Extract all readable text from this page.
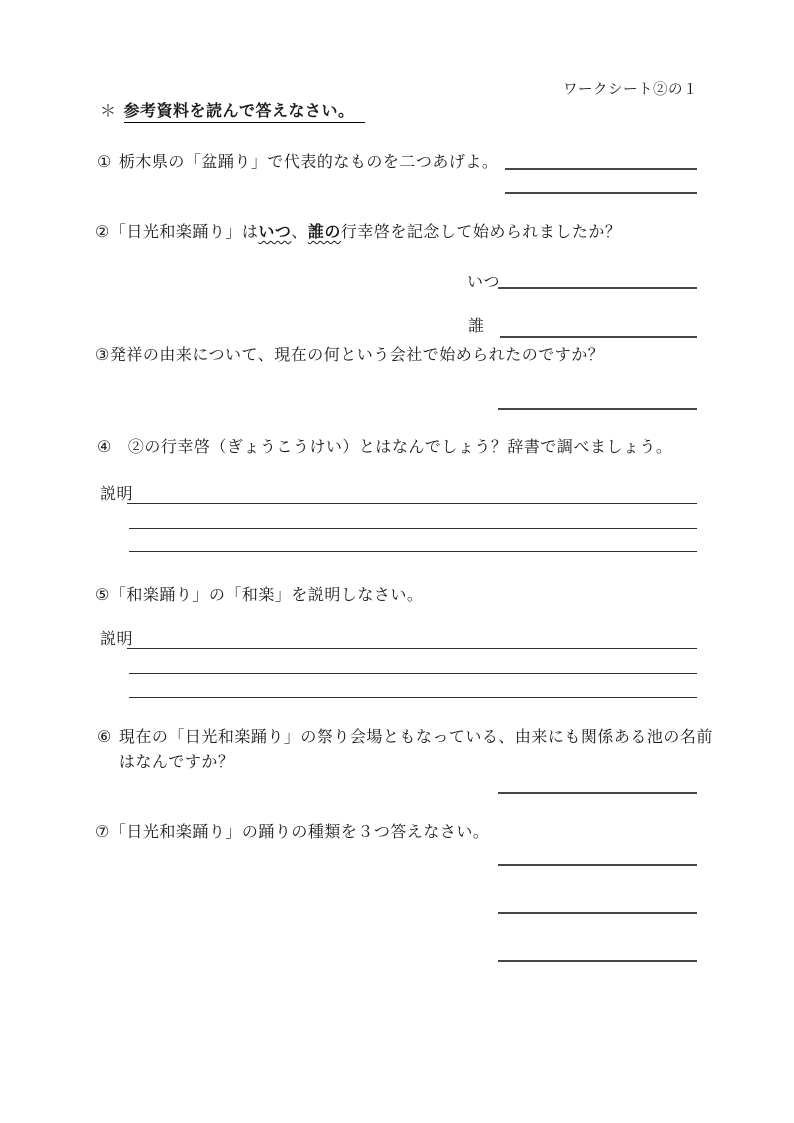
ワークシート②の１
＊ 参考資料を読んで答えなさい。
① 栃木県の「盆踊り」で代表的なものを二つあげよ。
②「日光和楽踊り」はいつ、誰の行幸啓を記念して始められましたか？
いつ
誰
③発祥の由来について、現在の何という会社で始められたのですか？
④ ②の行幸啓（ぎょうこうけい）とはなんでしょう？辞書で調べましょう。
説明
⑤「和楽踊り」の「和楽」を説明しなさい。
説明
⑥ 現在の「日光和楽踊り」の祭り会場ともなっている、由来にも関係ある池の名前
はなんですか？
⑦「日光和楽踊り」の踊りの種類を３つ答えなさい。
